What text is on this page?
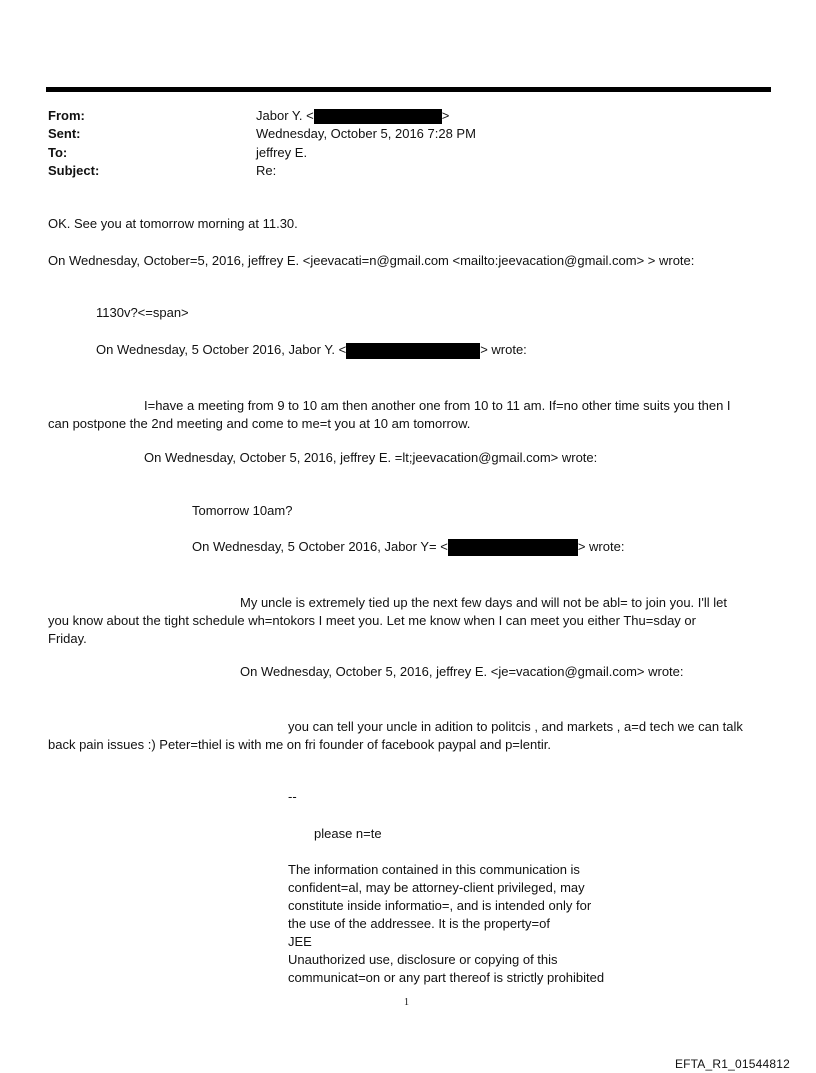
From:	Jabor Y. <	>
Sent:	Wednesday, October 5, 2016 7:28 PM
To:	jeffrey E.
Subject:	Re:
OK. See you at tomorrow morning at 11.30.
On Wednesday, October=5, 2016, jeffrey E. <jeevacati=n@gmail.com <mailto:jeevacation@gmail.com> > wrote:
1130v?<=span>
On Wednesday, 5 October 2016, Jabor Y. <	> wrote:
I=have a meeting from 9 to 10 am then another one from 10 to 11 am. If=no other time suits you then I
can postpone the 2nd meeting and come to me=t you at 10 am tomorrow.
On Wednesday, October 5, 2016, jeffrey E. =lt;jeevacation@gmail.com> wrote:
Tomorrow 10am?
On Wednesday, 5 October 2016, Jabor Y= <	> wrote:
My uncle is extremely tied up the next few days and will not be abl= to join you. I'll let
you know about the tight schedule wh=ntokors I meet you. Let me know when I can meet you either Thu=sday or
Friday.
On Wednesday, October 5, 2016, jeffrey E. <je=vacation@gmail.com> wrote:
you can tell your uncle in adition to politcis , and markets , a=d tech we can talk
back pain issues :) Peter=thiel is with me on fri founder of facebook paypal and p=lentir.
--
please n=te
The information contained in this communication is
confident=al, may be attorney-client privileged, may
constitute inside informatio=, and is intended only for
the use of the addressee. It is the property=of
JEE
Unauthorized use, disclosure or copying of this
communicat=on or any part thereof is strictly prohibited
1
EFTA_R1_01544812
